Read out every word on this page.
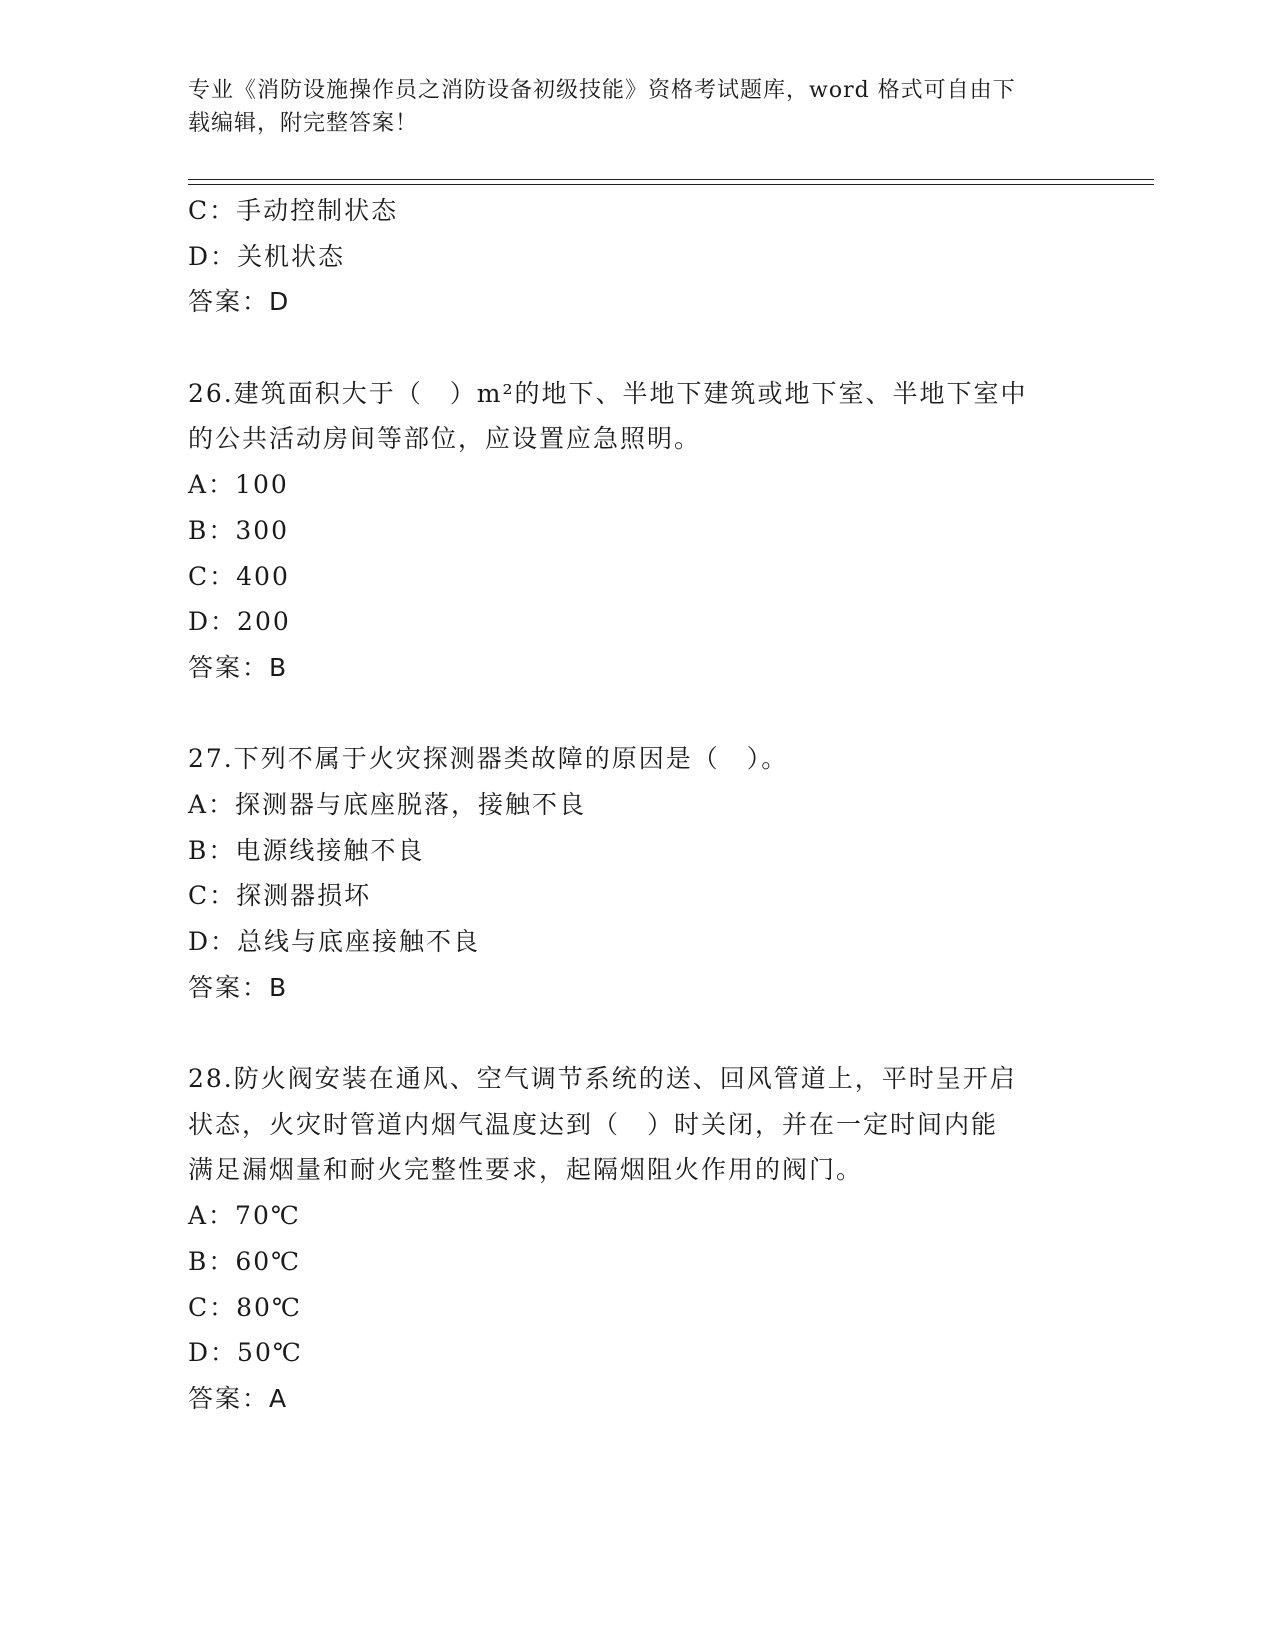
专业《消防设施操作员之消防设备初级技能》资格考试题库，word 格式可自由下
载编辑，附完整答案！
C：手动控制状态
D：关机状态
答案：D
26.建筑面积大于（　）m²的地下、半地下建筑或地下室、半地下室中
的公共活动房间等部位，应设置应急照明。
A：100
B：300
C：400
D：200
答案：B
27.下列不属于火灾探测器类故障的原因是（　）。
A：探测器与底座脱落，接触不良
B：电源线接触不良
C：探测器损坏
D：总线与底座接触不良
答案：B
28.防火阀安装在通风、空气调节系统的送、回风管道上，平时呈开启
状态，火灾时管道内烟气温度达到（　）时关闭，并在一定时间内能
满足漏烟量和耐火完整性要求，起隔烟阻火作用的阀门。
A：70℃
B：60℃
C：80℃
D：50℃
答案：A
